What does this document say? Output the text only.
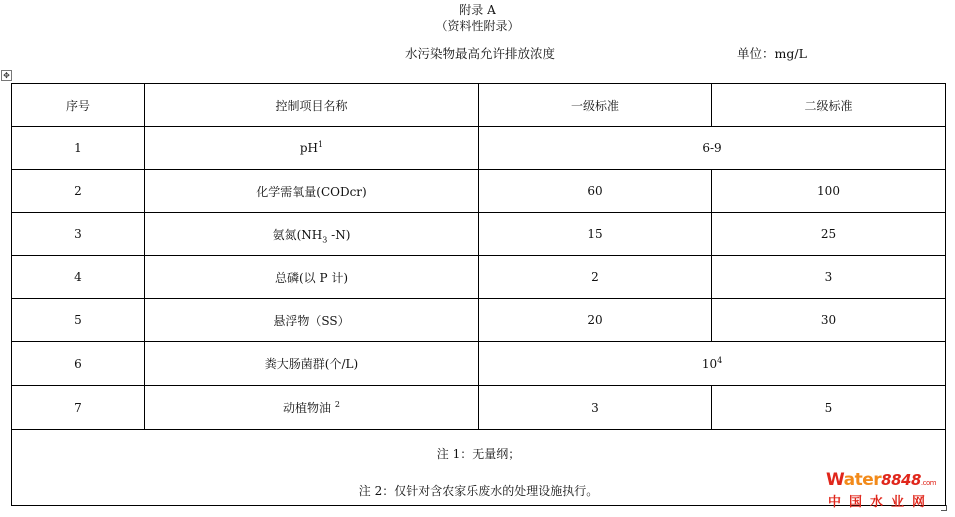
附录 A
（资料性附录）
水污染物最高允许排放浓度	单位：mg/L
✥
序号	控制项目名称	一级标准	二级标准
1	$pH^1$	6-9	
2	化学需氧量(CODcr)	60	100
3	氨氮($NH_3$ -N)	15	25
4	总磷(以 P 计)	2	3
5	悬浮物（SS）	20	30
6	粪大肠菌群(个/L)	$10^4$
7	动植物油 $^2$	3	5

注 1：无量纲；
注 2：仅针对含农家乐废水的处理设施执行。			
Water8848.com
中国水业网
